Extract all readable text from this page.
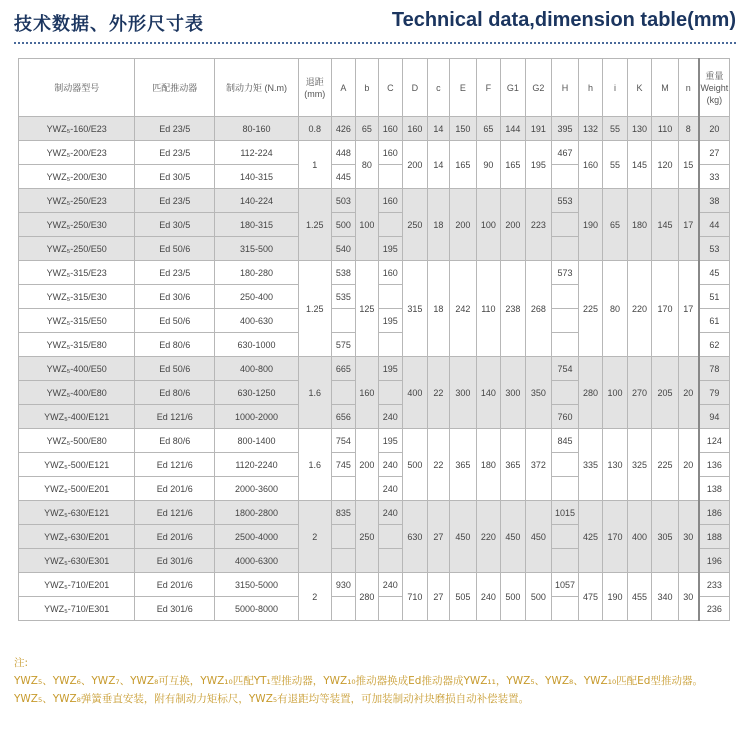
技术数据、外形尺寸表	Technical data,dimension table(mm)
制动器型号	匹配推动器	制动力矩 (N.m)	退距 (mm)	A	b	C	D	c	E	F	G1	G2	H	h	i	K	M	n	重量 Weight (kg)
YWZ₅-160/E23	Ed 23/5	80-160	0.8	426	65	160	160	14	150	65	144	191	395	132	55	130	110	8	20
YWZ₅-200/E23	Ed 23/5	112-224	1	448	80	160	200	14	165	90	165	195	467	160	55	145	120	15	27
YWZ₅-200/E30	Ed 30/5	140-315		445															33
YWZ₅-250/E23	Ed 23/5	140-224	1.25	503	100	160	250	18	200	100	200	223	553	190	65	180	145	17	38
YWZ₅-250/E30	Ed 30/5	180-315		500															44
YWZ₅-250/E50	Ed 50/6	315-500		540		195													53
YWZ₅-315/E23	Ed 23/5	180-280	1.25	538	125	160	315	18	242	110	238	268	573	225	80	220	170	17	45
YWZ₅-315/E30	Ed 30/6	250-400		535															51
YWZ₅-315/E50	Ed 50/6	400-630				195													61
YWZ₅-315/E80	Ed 80/6	630-1000		575															62
YWZ₅-400/E50	Ed 50/6	400-800	1.6	665	160	195	400	22	300	140	300	350	754	280	100	270	205	20	78
YWZ₅-400/E80	Ed 80/6	630-1250																	79
YWZ₅-400/E121	Ed 121/6	1000-2000		656		240							760						94
YWZ₅-500/E80	Ed 80/6	800-1400	1.6	754	200	195	500	22	365	180	365	372	845	335	130	325	225	20	124
YWZ₅-500/E121	Ed 121/6	1120-2240		745		240													136
YWZ₅-500/E201	Ed 201/6	2000-3600				240													138
YWZ₅-630/E121	Ed 121/6	1800-2800	2	835	250	240	630	27	450	220	450	450	1015	425	170	400	305	30	186
YWZ₅-630/E201	Ed 201/6	2500-4000																	188
YWZ₅-630/E301	Ed 301/6	4000-6300																	196
YWZ₅-710/E201	Ed 201/6	3150-5000	2	930	280	240	710	27	505	240	500	500	1057	475	190	455	340	30	233
YWZ₅-710/E301	Ed 301/6	5000-8000																	236
注:
YWZ₅、YWZ₆、YWZ₇、YWZ₈可互换，YWZ₁₀匹配YT₁型推动器，YWZ₁₀推动器换成Ed推动器成YWZ₁₁，YWZ₅、YWZ₈、YWZ₁₀匹配Ed型推动器。YWZ₅、YWZ₈弹簧垂直安装，附有制动力矩标尺，YWZ₅有退距均等装置，可加装制动衬块磨损自动补偿装置。
